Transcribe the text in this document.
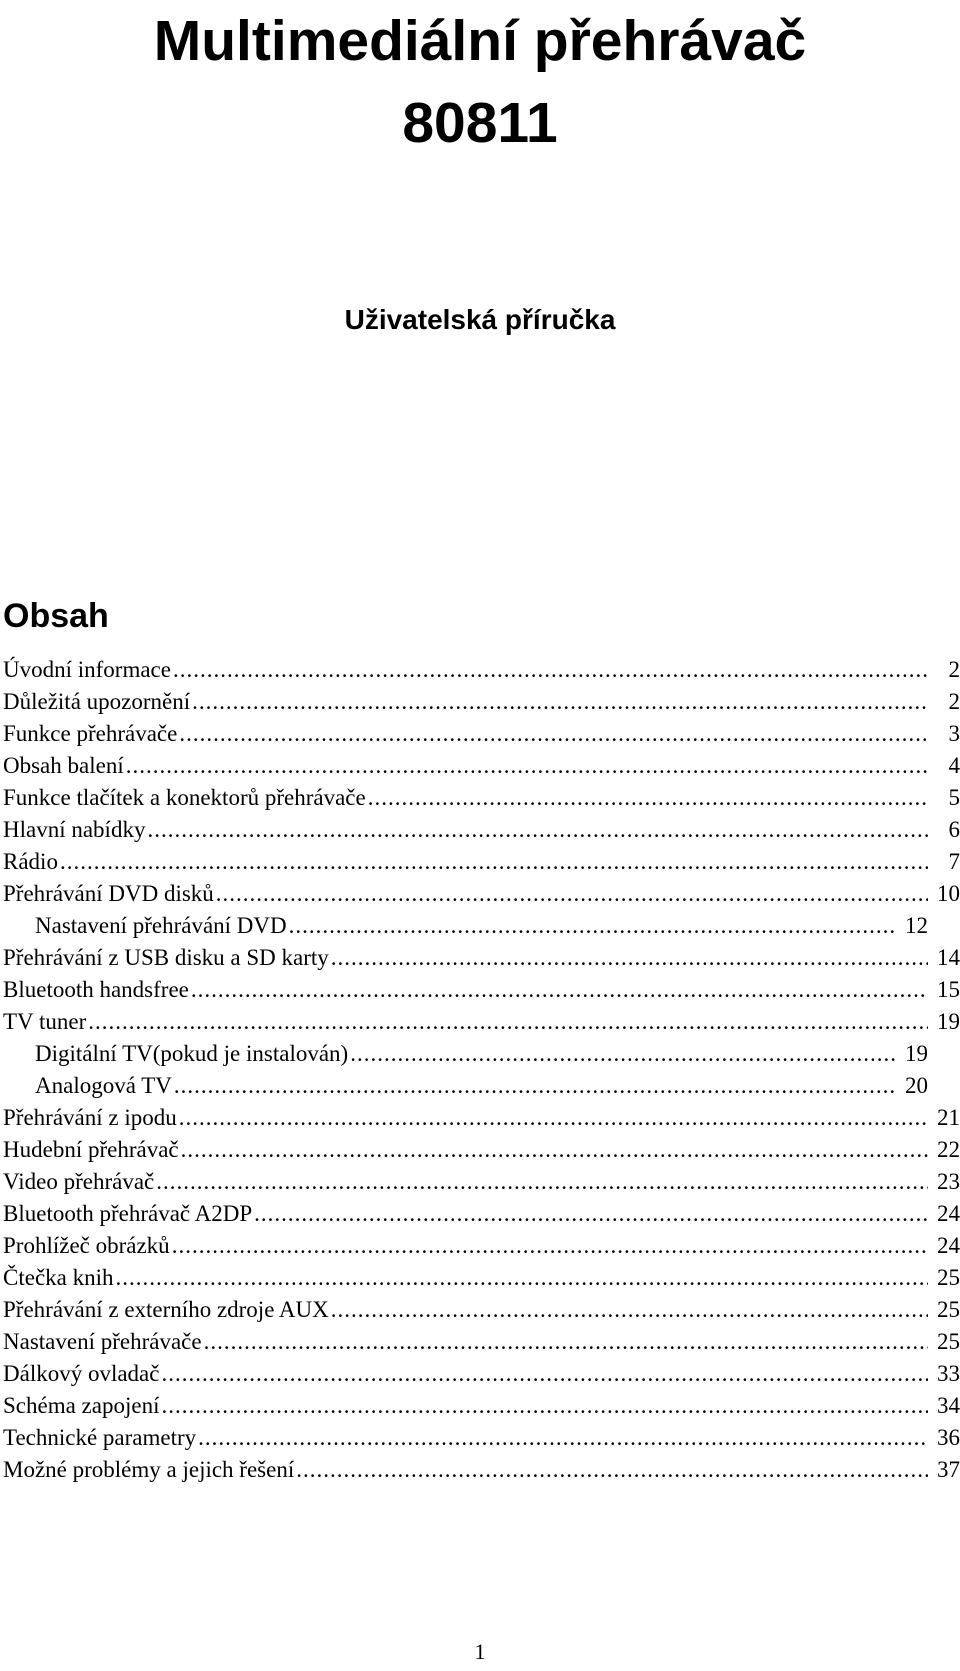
Multimediální přehrávač
80811
Uživatelská příručka
Obsah
Úvodní informace .....	2
Důležitá upozornění .....	2
Funkce přehrávače .....	3
Obsah balení .....	4
Funkce tlačítek a konektorů přehrávače .....	5
Hlavní nabídky .....	6
Rádio .....	7
Přehrávání DVD disků .....	10
Nastavení přehrávání DVD .....	12
Přehrávání z USB disku a SD karty .....	14
Bluetooth handsfree .....	15
TV tuner .....	19
Digitální TV(pokud je instalován) .....	19
Analogová TV .....	20
Přehrávání z ipodu .....	21
Hudební přehrávač .....	22
Video přehrávač .....	23
Bluetooth přehrávač A2DP .....	24
Prohlížeč obrázků .....	24
Čtečka knih .....	25
Přehrávání z externího zdroje AUX .....	25
Nastavení přehrávače .....	25
Dálkový ovladač .....	33
Schéma zapojení .....	34
Technické parametry .....	36
Možné problémy a jejich řešení .....	37
1
